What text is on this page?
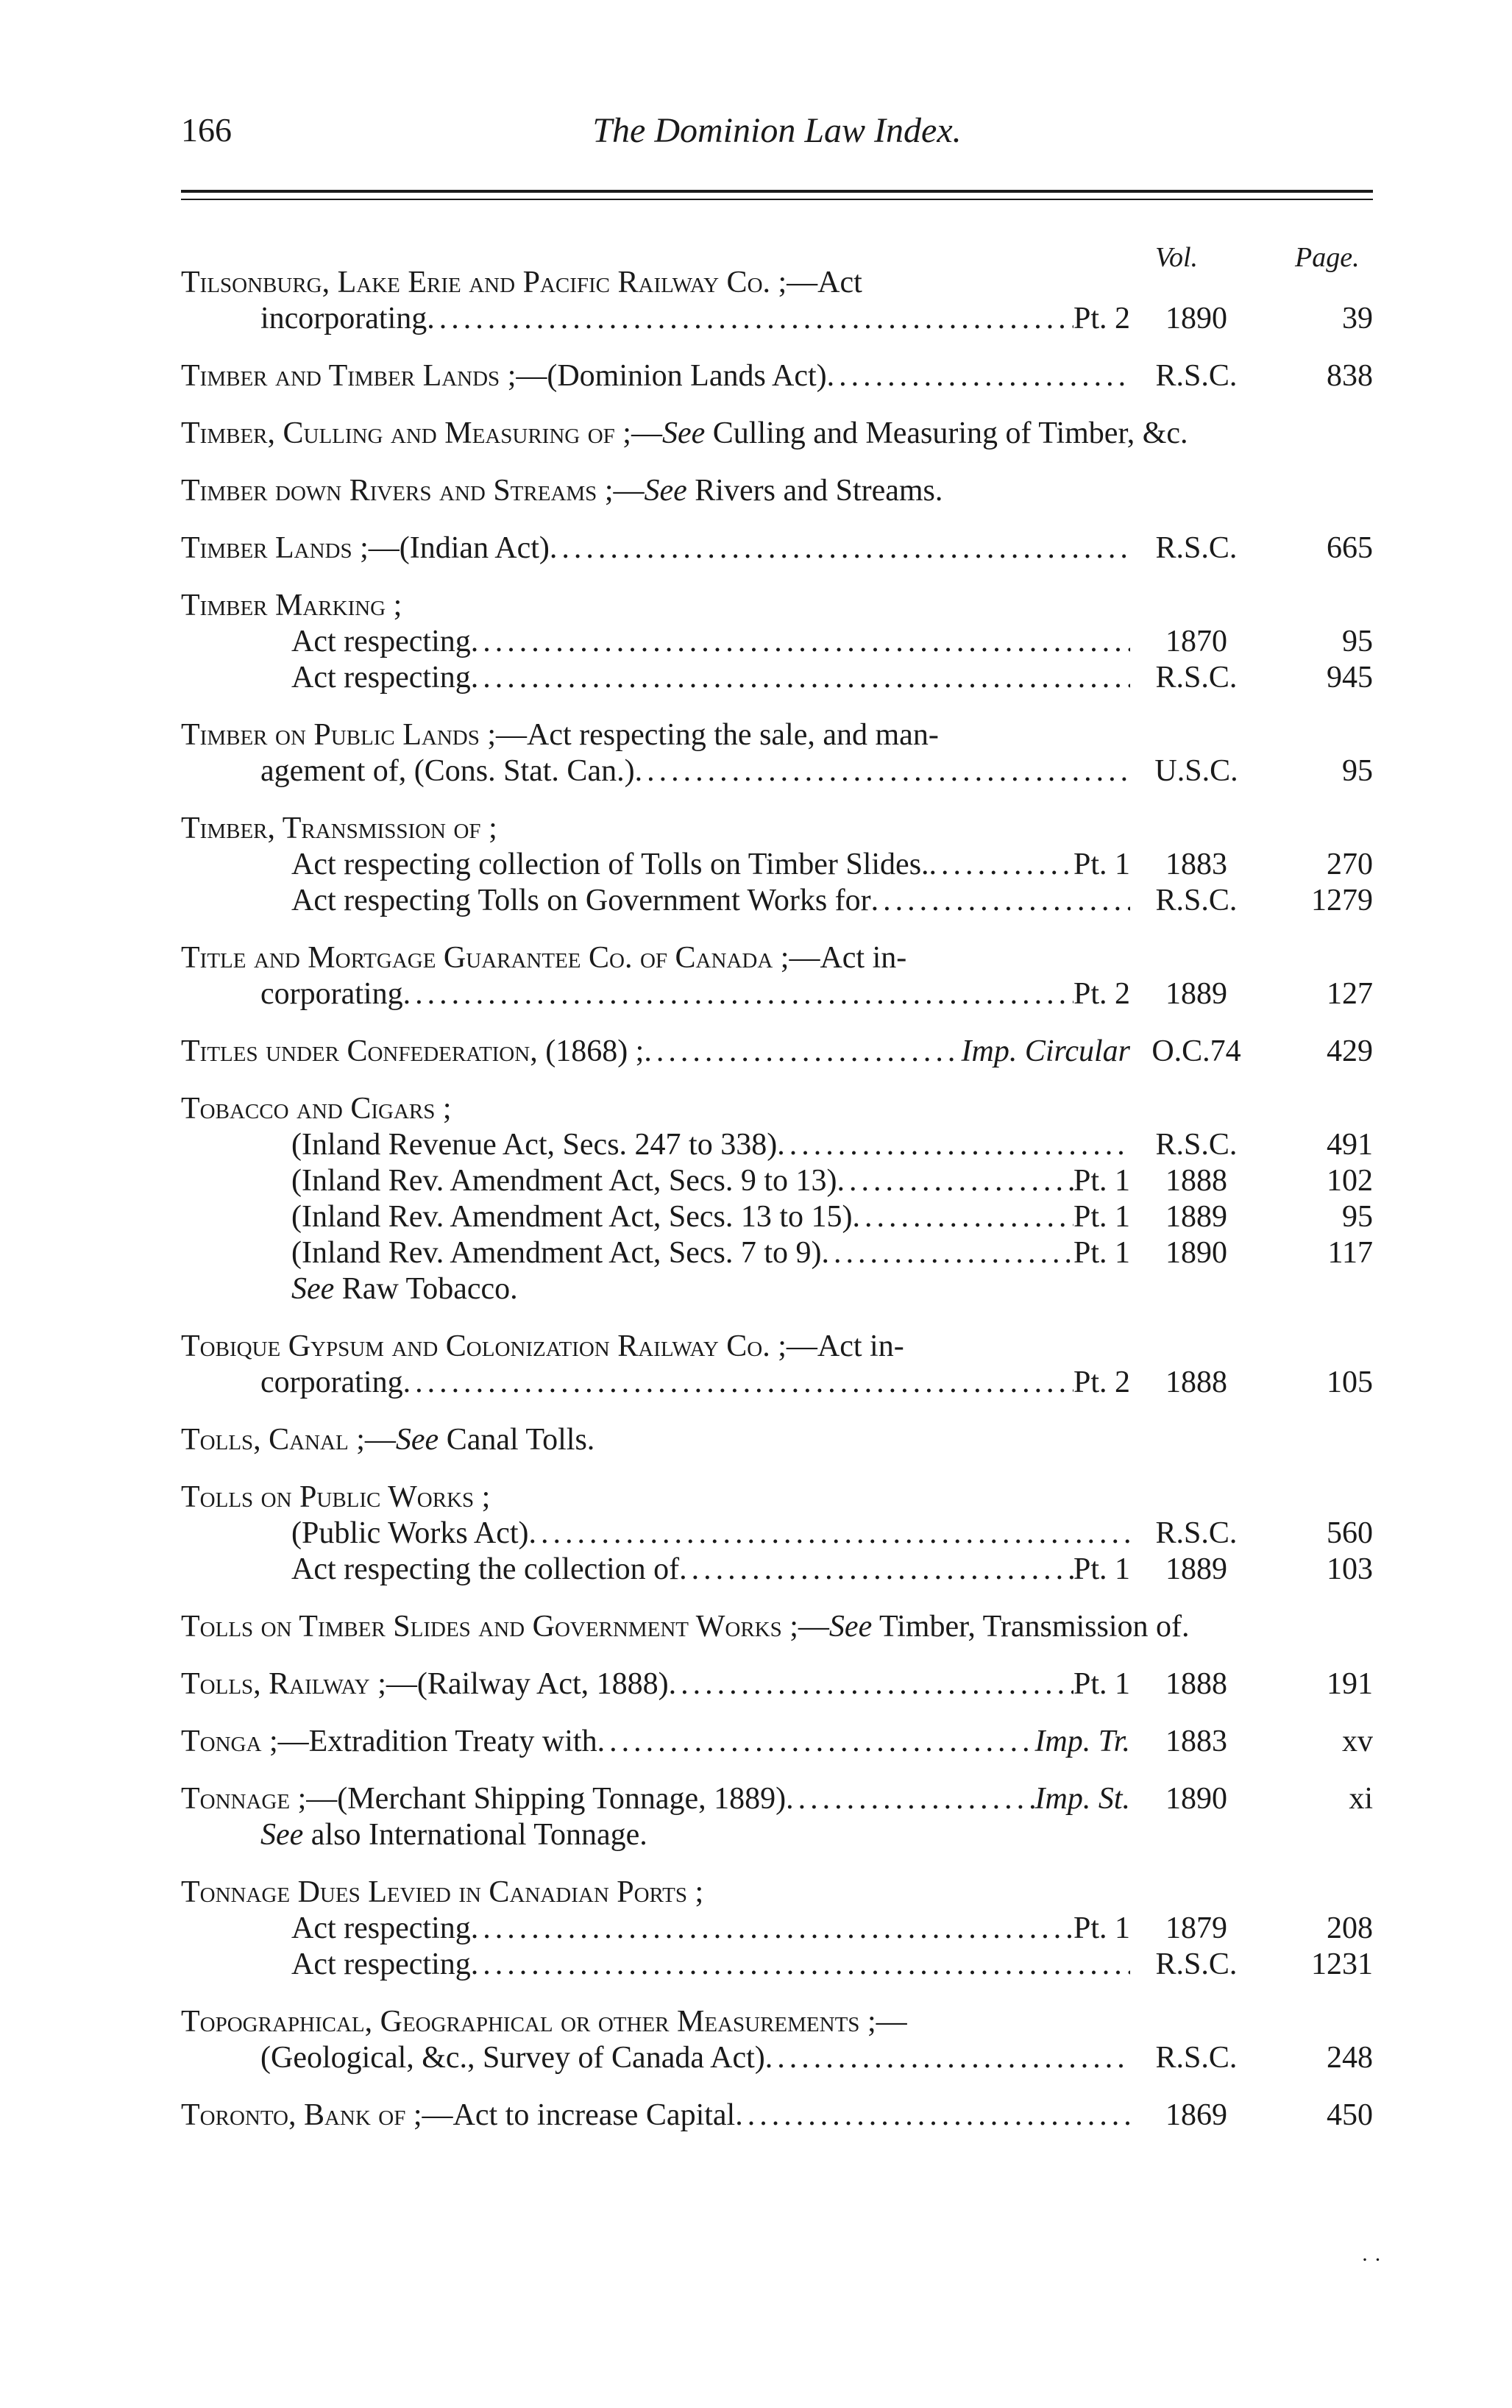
166	The Dominion Law Index.
Vol.	Page.
Tilsonburg, Lake Erie and Pacific Railway Co. ;—Act
incorporating .....	Pt. 2	1890	39
Timber and Timber Lands ;—(Dominion Lands Act) .....	R.S.C.	838
Timber, Culling and Measuring of ;—See Culling and Measuring of Timber, &c.
Timber down Rivers and Streams ;—See Rivers and Streams.
Timber Lands ;—(Indian Act) .....	R.S.C.	665
Timber Marking ;
Act respecting .....	1870	95
Act respecting .....	R.S.C.	945
Timber on Public Lands ;—Act respecting the sale, and man-
agement of, (Cons. Stat. Can.) .....	U.S.C.	95
Timber, Transmission of ;
Act respecting collection of Tolls on Timber Slides. .....	Pt. 1	1883	270
Act respecting Tolls on Government Works for .....	R.S.C.	1279
Title and Mortgage Guarantee Co. of Canada ;—Act in-
corporating .....	Pt. 2	1889	127
Titles under Confederation, (1868) ; .....	Imp. Circular O.C.74	429
Tobacco and Cigars ;
(Inland Revenue Act, Secs. 247 to 338) .....	R.S.C.	491
(Inland Rev. Amendment Act, Secs. 9 to 13) .....	Pt. 1	1888	102
(Inland Rev. Amendment Act, Secs. 13 to 15) .....	Pt. 1	1889	95
(Inland Rev. Amendment Act, Secs. 7 to 9) .....	Pt. 1	1890	117
See Raw Tobacco.
Tobique Gypsum and Colonization Railway Co. ;—Act in-
corporating .....	Pt. 2	1888	105
Tolls, Canal ;—See Canal Tolls.
Tolls on Public Works ;
(Public Works Act) .....	R.S.C.	560
Act respecting the collection of .....	Pt. 1	1889	103
Tolls on Timber Slides and Government Works ;—See Timber, Transmission of.
Tolls, Railway ;—(Railway Act, 1888) .....	Pt. 1	1888	191
Tonga ;—Extradition Treaty with .....	Imp. Tr.	1883	xv
Tonnage ;—(Merchant Shipping Tonnage, 1889) .....	Imp. St.	1890	xi
See also International Tonnage.
Tonnage Dues Levied in Canadian Ports ;
Act respecting .....	Pt. 1	1879	208
Act respecting .....	R.S.C.	1231
Topographical, Geographical or other Measurements ;—
(Geological, &c., Survey of Canada Act) .....	R.S.C.	248
Toronto, Bank of ;—Act to increase Capital .....	1869	450
· ·
